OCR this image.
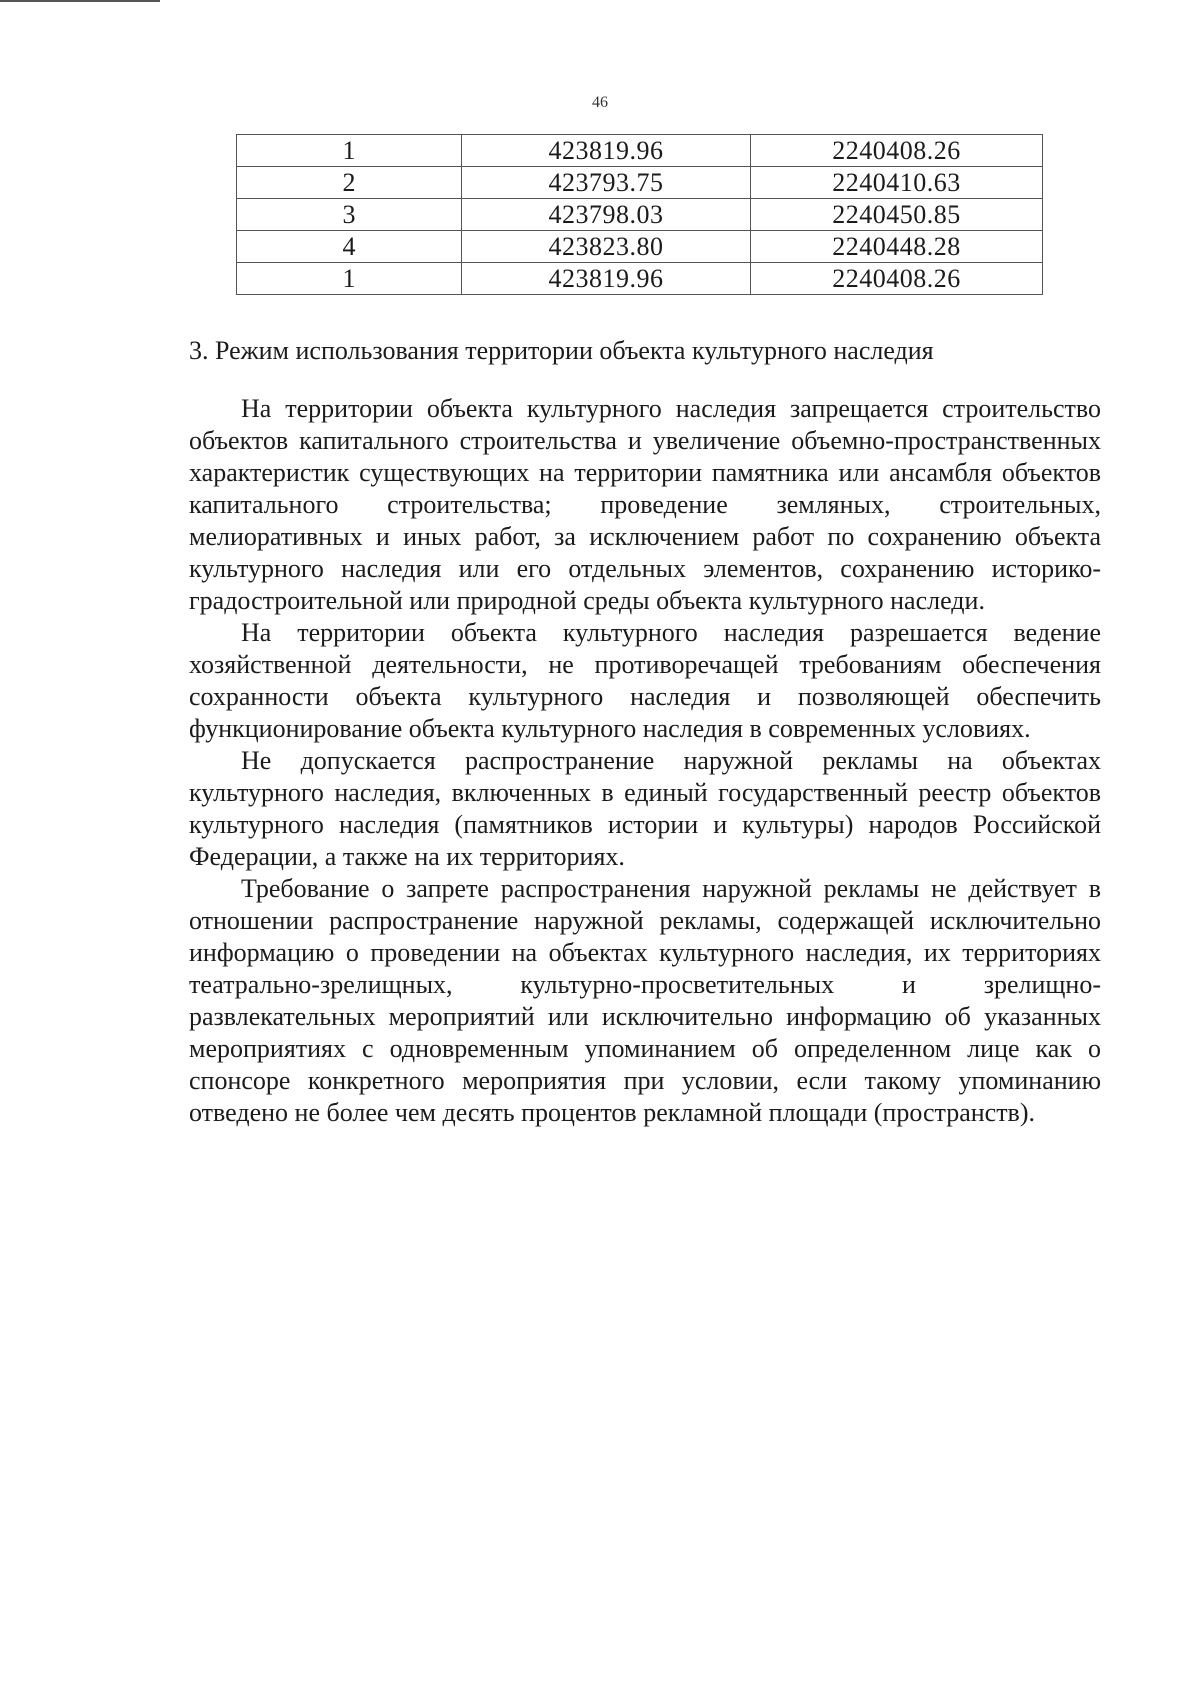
46
1	423819.96	2240408.26
2	423793.75	2240410.63
3	423798.03	2240450.85
4	423823.80	2240448.28
1	423819.96	2240408.26
3. Режим использования территории объекта культурного наследия

На территории объекта культурного наследия запрещается строительство объектов капитального строительства и увеличение объемно-пространственных характеристик существующих на территории памятника или ансамбля объектов капитального строительства; проведение земляных, строительных, мелиоративных и иных работ, за исключением работ по сохранению объекта культурного наследия или его отдельных элементов, сохранению историко-градостроительной или природной среды объекта культурного наследи.

На территории объекта культурного наследия разрешается ведение хозяйственной деятельности, не противоречащей требованиям обеспечения сохранности объекта культурного наследия и позволяющей обеспечить функционирование объекта культурного наследия в современных условиях.

Не допускается распространение наружной рекламы на объектах культурного наследия, включенных в единый государственный реестр объектов культурного наследия (памятников истории и культуры) народов Российской Федерации, а также на их территориях.

Требование о запрете распространения наружной рекламы не действует в отношении распространение наружной рекламы, содержащей исключительно информацию о проведении на объектах культурного наследия, их территориях театрально-зрелищных, культурно-просветительных и зрелищно-развлекательных мероприятий или исключительно информацию об указанных мероприятиях с одновременным упоминанием об определенном лице как о спонсоре конкретного мероприятия при условии, если такому упоминанию отведено не более чем десять процентов рекламной площади (пространств).
